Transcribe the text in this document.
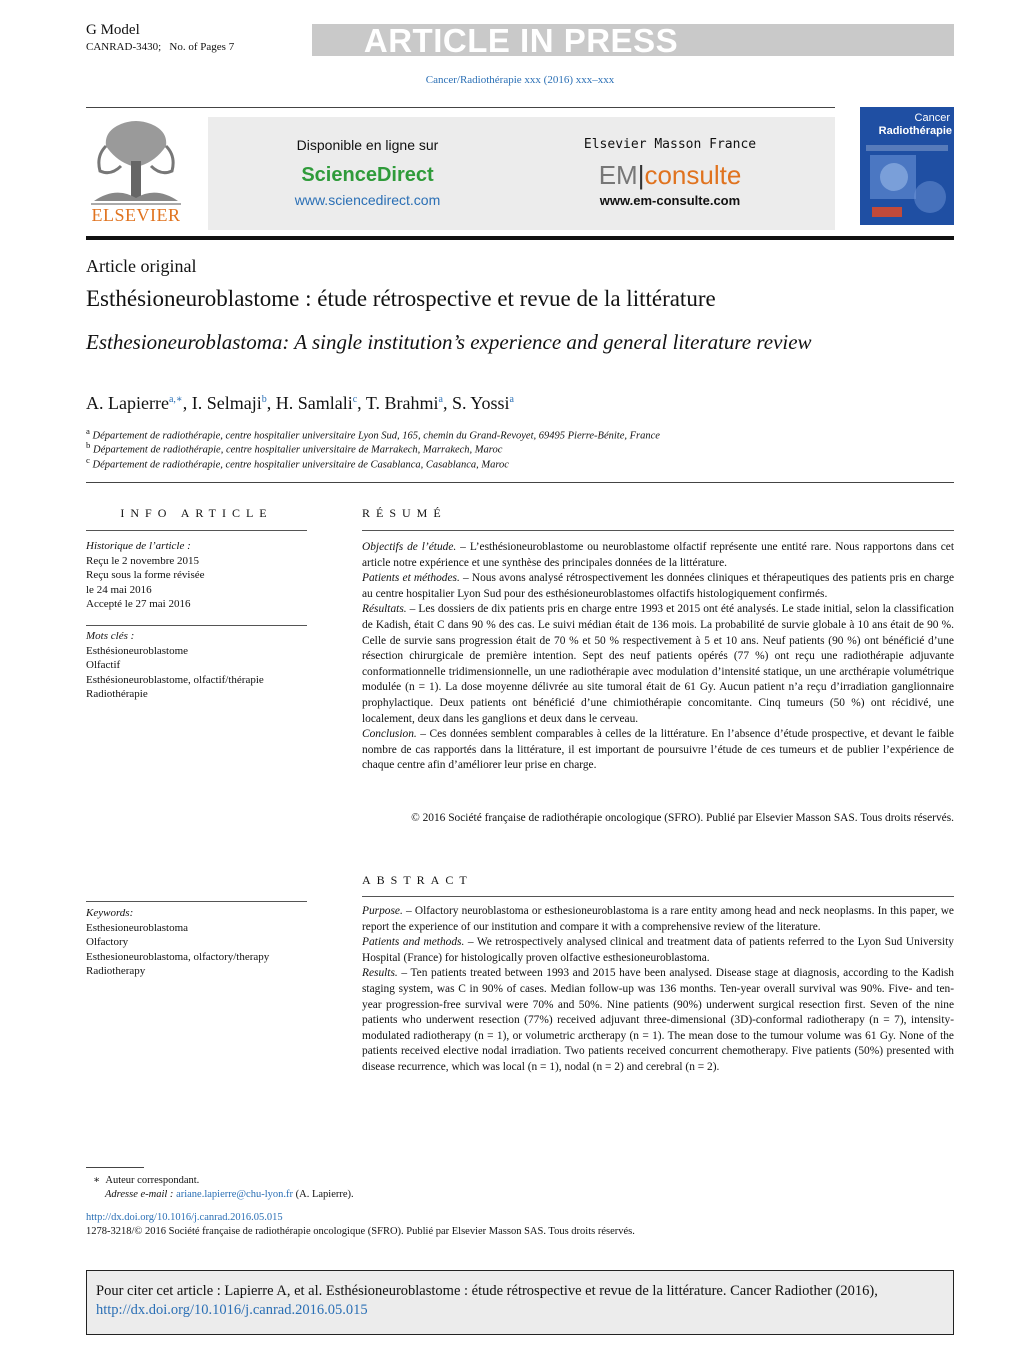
G Model
CANRAD-3430; No. of Pages 7	ARTICLE IN PRESS
Cancer/Radiothérapie xxx (2016) xxx–xxx
ELSEVIER
Disponible en ligne sur
ScienceDirect
www.sciencedirect.com
Elsevier Masson France
EM|consulte
www.em-consulte.com
Cancer
Radiothérapie
Article original
Esthésioneuroblastome : étude rétrospective et revue de la littérature
Esthesioneuroblastoma: A single institution’s experience and general literature review
A. Lapierre$^{a,∗}$, I. Selmaji$^b$, H. Samlali$^c$, T. Brahmi$^a$, S. Yossi$^a$
$^a$ Département de radiothérapie, centre hospitalier universitaire Lyon Sud, 165, chemin du Grand-Revoyet, 69495 Pierre-Bénite, France
$^b$ Département de radiothérapie, centre hospitalier universitaire de Marrakech, Marrakech, Maroc
$^c$ Département de radiothérapie, centre hospitalier universitaire de Casablanca, Casablanca, Maroc
INFO ARTICLE
Historique de l’article :
Reçu le 2 novembre 2015
Reçu sous la forme révisée
le 24 mai 2016
Accepté le 27 mai 2016
Mots clés :
Esthésioneuroblastome
Olfactif
Esthésioneuroblastome, olfactif/thérapie
Radiothérapie
Keywords:
Esthesioneuroblastoma
Olfactory
Esthesioneuroblastoma, olfactory/therapy
Radiotherapy
RÉSUMÉ
Objectifs de l’étude. – L’esthésioneuroblastome ou neuroblastome olfactif représente une entité rare. Nous rapportons dans cet article notre expérience et une synthèse des principales données de la littérature.
Patients et méthodes. – Nous avons analysé rétrospectivement les données cliniques et thérapeutiques des patients pris en charge au centre hospitalier Lyon Sud pour des esthésioneuroblastomes olfactifs histologiquement confirmés.
Résultats. – Les dossiers de dix patients pris en charge entre 1993 et 2015 ont été analysés. Le stade initial, selon la classification de Kadish, était C dans 90 % des cas. Le suivi médian était de 136 mois. La probabilité de survie globale à 10 ans était de 90 %. Celle de survie sans progression était de 70 % et 50 % respectivement à 5 et 10 ans. Neuf patients (90 %) ont bénéficié d’une résection chirurgicale de première intention. Sept des neuf patients opérés (77 %) ont reçu une radiothérapie adjuvante conformationnelle tridimensionnelle, un une radiothérapie avec modulation d’intensité statique, un une arcthérapie volumétrique modulée (n = 1). La dose moyenne délivrée au site tumoral était de 61 Gy. Aucun patient n’a reçu d’irradiation ganglionnaire prophylactique. Deux patients ont bénéficié d’une chimiothérapie concomitante. Cinq tumeurs (50 %) ont récidivé, une localement, deux dans les ganglions et deux dans le cerveau.
Conclusion. – Ces données semblent comparables à celles de la littérature. En l’absence d’étude prospective, et devant le faible nombre de cas rapportés dans la littérature, il est important de poursuivre l’étude de ces tumeurs et de publier l’expérience de chaque centre afin d’améliorer leur prise en charge.
© 2016 Société française de radiothérapie oncologique (SFRO). Publié par Elsevier Masson SAS. Tous droits réservés.
ABSTRACT
Purpose. – Olfactory neuroblastoma or esthesioneuroblastoma is a rare entity among head and neck neoplasms. In this paper, we report the experience of our institution and compare it with a comprehensive review of the literature.
Patients and methods. – We retrospectively analysed clinical and treatment data of patients referred to the Lyon Sud University Hospital (France) for histologically proven olfactive esthesioneuroblastoma.
Results. – Ten patients treated between 1993 and 2015 have been analysed. Disease stage at diagnosis, according to the Kadish staging system, was C in 90% of cases. Median follow-up was 136 months. Ten-year overall survival was 90%. Five- and ten-year progression-free survival were 70% and 50%. Nine patients (90%) underwent surgical resection first. Seven of the nine patients who underwent resection (77%) received adjuvant three-dimensional (3D)-conformal radiotherapy (n = 7), intensity-modulated radiotherapy (n = 1), or volumetric arctherapy (n = 1). The mean dose to the tumour volume was 61 Gy. None of the patients received elective nodal irradiation. Two patients received concurrent chemotherapy. Five patients (50%) presented with disease recurrence, which was local (n = 1), nodal (n = 2) and cerebral (n = 2).
∗ Auteur correspondant.
Adresse e-mail : ariane.lapierre@chu-lyon.fr (A. Lapierre).
http://dx.doi.org/10.1016/j.canrad.2016.05.015
1278-3218/© 2016 Société française de radiothérapie oncologique (SFRO). Publié par Elsevier Masson SAS. Tous droits réservés.
Pour citer cet article : Lapierre A, et al. Esthésioneuroblastome : étude rétrospective et revue de la littérature. Cancer Radiother (2016),
http://dx.doi.org/10.1016/j.canrad.2016.05.015
